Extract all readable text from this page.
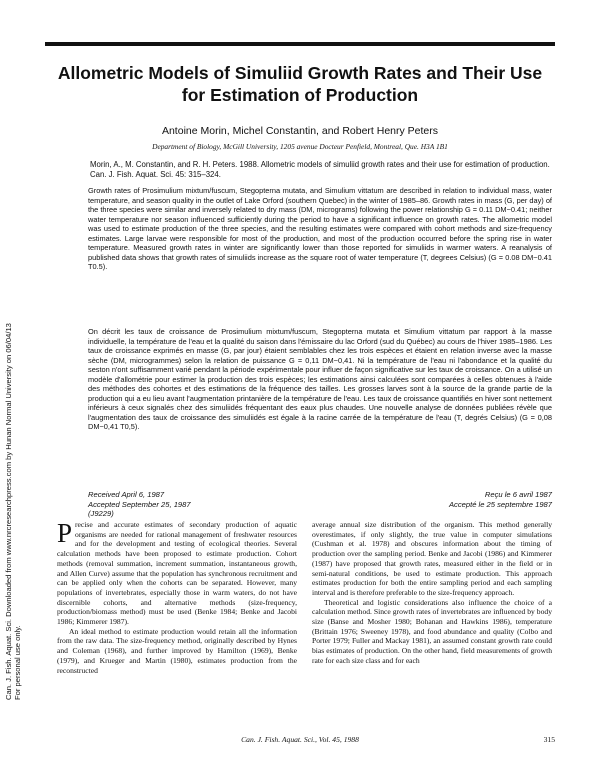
Can. J. Fish. Aquat. Sci. Downloaded from www.nrcresearchpress.com by Hunan Normal University on 06/04/13 For personal use only.
Allometric Models of Simuliid Growth Rates and Their Use for Estimation of Production
Antoine Morin, Michel Constantin, and Robert Henry Peters
Department of Biology, McGill University, 1205 avenue Docteur Penfield, Montreal, Que. H3A 1B1
Morin, A., M. Constantin, and R. H. Peters. 1988. Allometric models of simuliid growth rates and their use for estimation of production. Can. J. Fish. Aquat. Sci. 45: 315–324.
Growth rates of Prosimulium mixtum/fuscum, Stegopterna mutata, and Simulium vittatum are described in relation to individual mass, water temperature, and season quality in the outlet of Lake Orford (southern Quebec) in the winter of 1985–86. Growth rates in mass (G, per day) of the three species were similar and inversely related to dry mass (DM, micrograms) following the power relationship G = 0.11 DM−0.41; neither water temperature nor season influenced sufficiently during the period to have a significant influence on growth rates. The allometric model was used to estimate production of the three species, and the resulting estimates were compared with cohort methods and size-frequency estimates. Large larvae were responsible for most of the production, and most of the production occurred before the spring rise in water temperature. Measured growth rates in winter are significantly lower than those reported for simuliids in warmer waters. A reanalysis of published data shows that growth rates of simuliids increase as the square root of water temperature (T, degrees Celsius) (G = 0.08 DM−0.41 T0.5).
On décrit les taux de croissance de Prosimulium mixtum/fuscum, Stegopterna mutata et Simulium vittatum par rapport à la masse individuelle, la température de l'eau et la qualité du saison dans l'émissaire du lac Orford (sud du Québec) au cours de l'hiver 1985–1986. Les taux de croissance exprimés en masse (G, par jour) étaient semblables chez les trois espèces et étaient en relation inverse avec la masse sèche (DM, microgrammes) selon la relation de puissance G = 0,11 DM−0,41. Ni la température de l'eau ni l'abondance et la qualité du seston n'ont suffisamment varié pendant la période expérimentale pour influer de façon significative sur les taux de croissance. On a utilisé un modèle d'allométrie pour estimer la production des trois espèces; les estimations ainsi calculées sont comparées à celles obtenues à l'aide des méthodes des cohortes et des estimations de la fréquence des tailles. Les grosses larves sont à la source de la grande partie de la production qui a eu lieu avant l'augmentation printanière de la température de l'eau. Les taux de croissance quantifiés en hiver sont nettement inférieurs à ceux signalés chez des simuliidés fréquentant des eaux plus chaudes. Une nouvelle analyse de données publiées révèle que l'augmentation des taux de croissance des simuliidés est égale à la racine carrée de la température de l'eau (T, degrés Celsius) (G = 0,08 DM−0,41 T0,5).
Received April 6, 1987
Accepted September 25, 1987
(J9229)
Reçu le 6 avril 1987
Accepté le 25 septembre 1987

Precise and accurate estimates of secondary production of aquatic organisms are needed for rational management of freshwater resources and for the development and testing of ecological theories. Several calculation methods have been proposed to estimate production. Cohort methods (removal summation, increment summation, instantaneous growth, and Allen Curve) assume that the population has synchronous recruitment and can be applied only when the cohorts can be separated. However, many populations of invertebrates, especially those in warm waters, do not have discernible cohorts, and alternative methods (size-frequency, production/biomass method) must be used (Benke 1984; Benke and Jacobi 1986; Kimmerer 1987).

An ideal method to estimate production would retain all the information from the raw data. The size-frequency method, originally described by Hynes and Coleman (1968), and further improved by Hamilton (1969), Benke (1979), and Krueger and Martin (1980), estimates production from the reconstructed

average annual size distribution of the organism. This method generally overestimates, if only slightly, the true value in computer simulations (Cushman et al. 1978) and obscures information about the timing of production over the sampling period. Benke and Jacobi (1986) and Kimmerer (1987) have proposed that growth rates, measured either in the field or in semi-natural conditions, be used to estimate production. This approach estimates production for both the entire sampling period and each sampling interval and is therefore preferable to the size-frequency approach.

Theoretical and logistic considerations also influence the choice of a calculation method. Since growth rates of invertebrates are influenced by body size (Banse and Mosher 1980; Bohanan and Hawkins 1986), temperature (Brittain 1976; Sweeney 1978), and food abundance and quality (Colbo and Porter 1979; Fuller and Mackay 1981), an assumed constant growth rate could bias estimates of production. On the other hand, field measurements of growth rate for each size class and for each

Can. J. Fish. Aquat. Sci., Vol. 45, 1988	315
